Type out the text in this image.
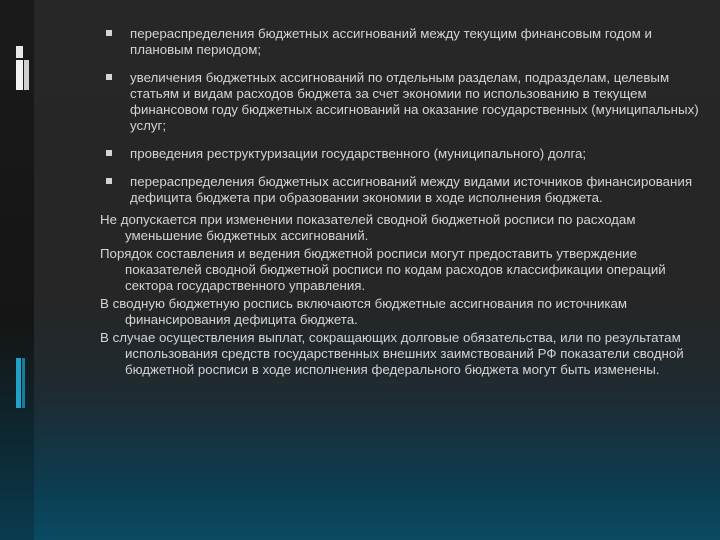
перераспределения бюджетных ассигнований между текущим финансовым годом и плановым периодом;
увеличения бюджетных ассигнований по отдельным разделам, подразделам, целевым статьям и видам расходов бюджета за счет экономии по использованию в текущем финансовом году бюджетных ассигнований на оказание государственных (муниципальных) услуг;
проведения реструктуризации государственного (муниципального) долга;
перераспределения бюджетных ассигнований между видами источников финансирования дефицита бюджета при образовании экономии в ходе исполнения бюджета.
Не допускается при изменении показателей сводной бюджетной росписи по расходам уменьшение бюджетных ассигнований.
Порядок составления и ведения бюджетной росписи могут предоставить утверждение показателей сводной бюджетной росписи по кодам расходов классификации операций сектора государственного управления.
В сводную бюджетную роспись включаются бюджетные ассигнования по источникам финансирования дефицита бюджета.
В случае осуществления выплат, сокращающих долговые обязательства, или по результатам использования средств государственных внешних заимствований РФ показатели сводной бюджетной росписи в ходе исполнения федерального бюджета могут быть изменены.
